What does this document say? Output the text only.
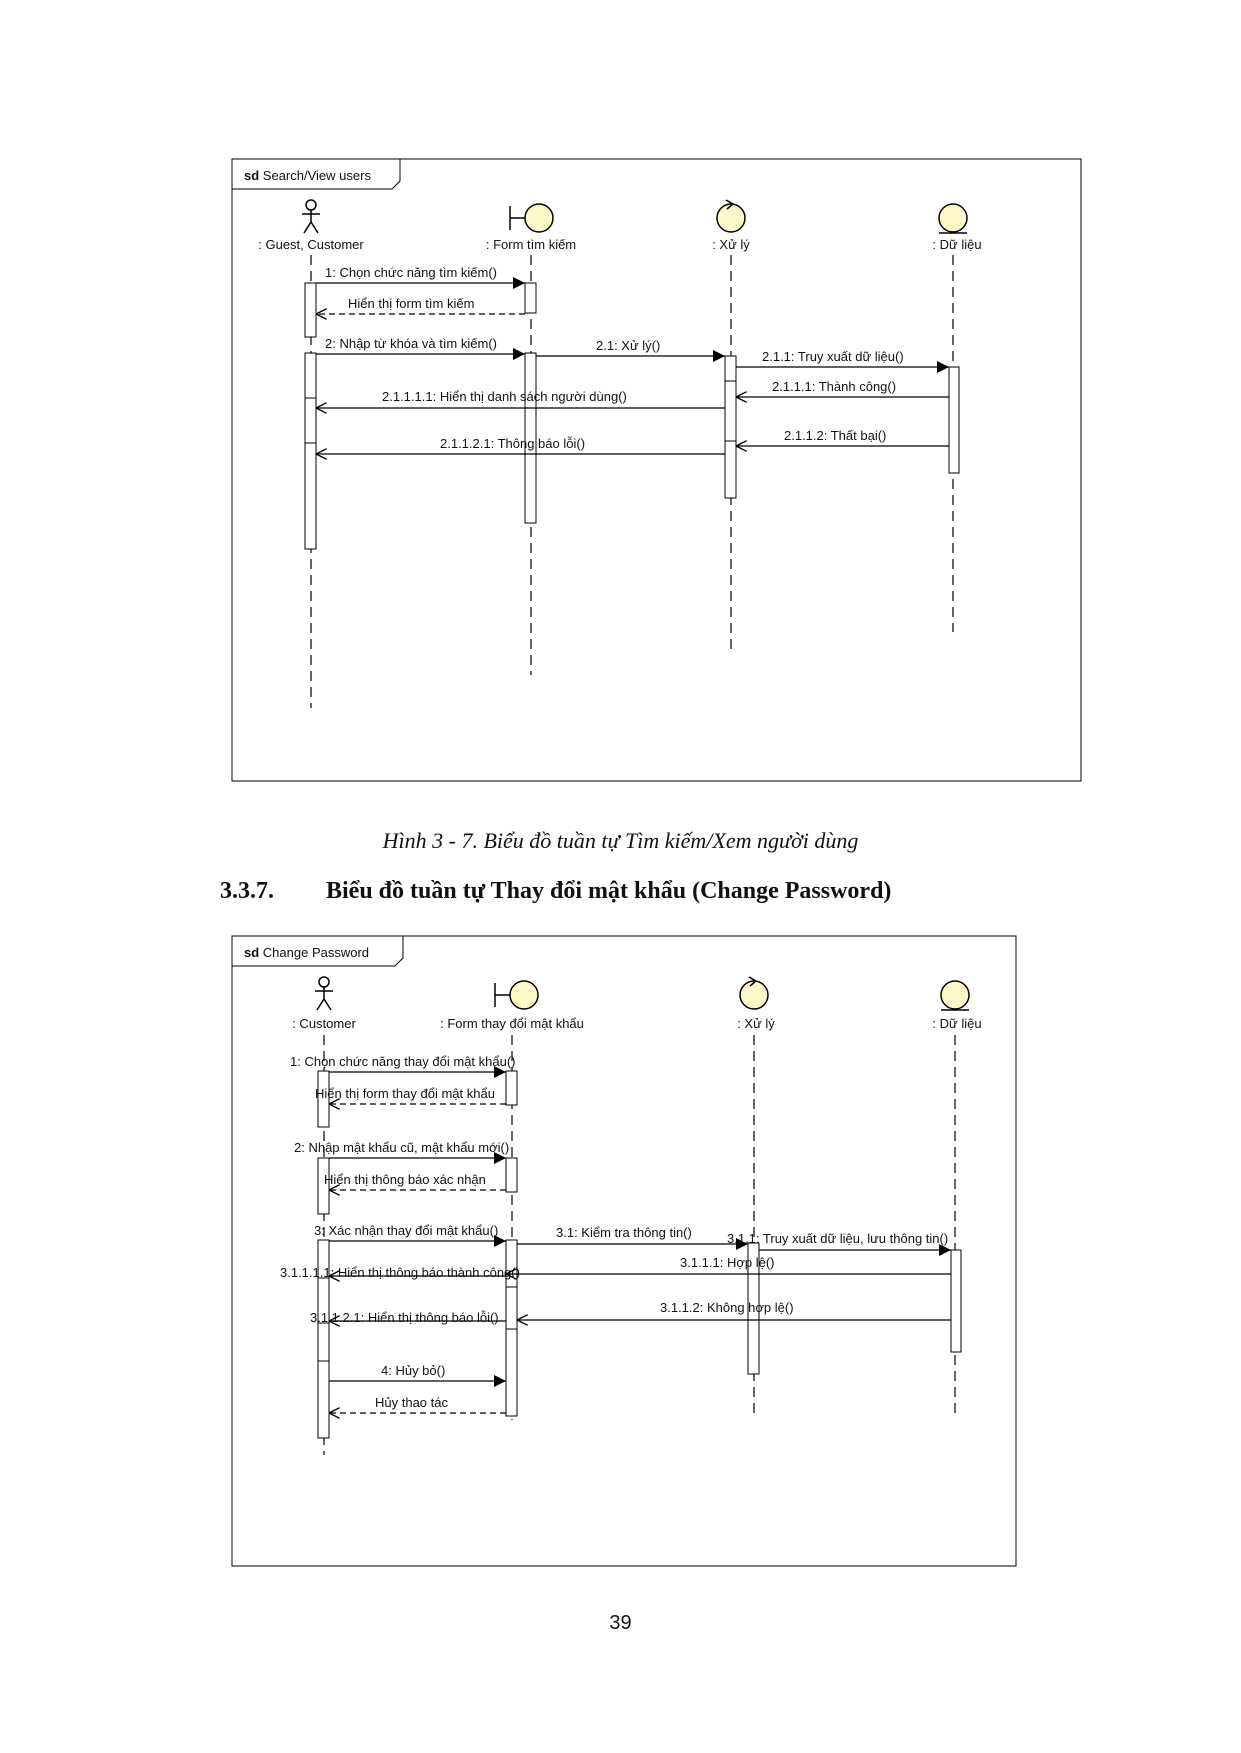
sd Search/View users
: Guest, Customer	: Form tìm kiếm	: Xử lý	: Dữ liệu
1: Chọn chức năng tìm kiếm()
Hiển thị form tìm kiếm
2: Nhập từ khóa và tìm kiếm()	2.1: Xử lý()
2.1.1: Truy xuất dữ liệu()
2.1.1.1: Thành công()
2.1.1.1.1: Hiển thị danh sách người dùng()
2.1.1.2: Thất bại()
2.1.1.2.1: Thông báo lỗi()
sd Change Password
: Customer	: Form thay đổi mật khẩu	: Xử lý	: Dữ liệu
1: Chọn chức năng thay đổi mật khẩu()
Hiển thị form thay đổi mật khẩu
2: Nhập mật khẩu cũ, mật khẩu mới()
Hiển thị thông báo xác nhận
3: Xác nhận thay đổi mật khẩu()	3.1: Kiểm tra thông tin()	3.1.1: Truy xuất dữ liệu, lưu thông tin()
3.1.1.1: Hợp lệ()
3.1.1.1.1: Hiển thị thông báo thành công()
3.1.1.2: Không hợp lệ()
3.1.1.2.1: Hiển thị thông báo lỗi()
4: Hủy bỏ()
Hủy thao tác
Hình 3 - 7. Biểu đồ tuần tự Tìm kiếm/Xem người dùng
3.3.7. Biểu đồ tuần tự Thay đổi mật khẩu (Change Password)
39
